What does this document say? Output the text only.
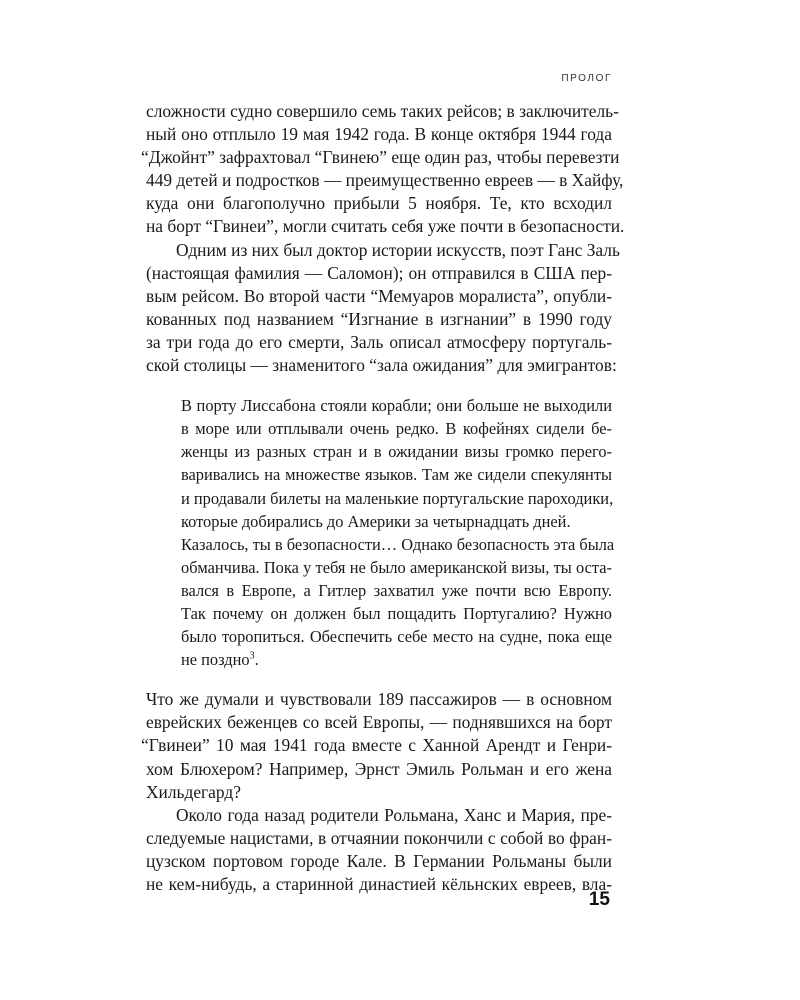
ПРОЛОГ
сложности судно совершило семь таких рейсов; в заключитель-
ный оно отплыло 19 мая 1942 года. В конце октября 1944 года
“Джойнт” зафрахтовал “Гвинею” еще один раз, чтобы перевезти
449 детей и подростков — преимущественно евреев — в Хайфу,
куда они благополучно прибыли 5 ноября. Те, кто всходил
на борт “Гвинеи”, могли считать себя уже почти в безопасности.
Одним из них был доктор истории искусств, поэт Ганс Заль
(настоящая фамилия — Саломон); он отправился в США пер-
вым рейсом. Во второй части “Мемуаров моралиста”, опубли-
кованных под названием “Изгнание в изгнании” в 1990 году
за три года до его смерти, Заль описал атмосферу португаль-
ской столицы — знаменитого “зала ожидания” для эмигрантов:
В порту Лиссабона стояли корабли; они больше не выходили
в море или отплывали очень редко. В кофейнях сидели бе-
женцы из разных стран и в ожидании визы громко перего-
варивались на множестве языков. Там же сидели спекулянты
и продавали билеты на маленькие португальские пароходики,
которые добирались до Америки за четырнадцать дней.
Казалось, ты в безопасности… Однако безопасность эта была
обманчива. Пока у тебя не было американской визы, ты оста-
вался в Европе, а Гитлер захватил уже почти всю Европу.
Так почему он должен был пощадить Португалию? Нужно
было торопиться. Обеспечить себе место на судне, пока еще
не поздно$^3$.
Что же думали и чувствовали 189 пассажиров — в основном
еврейских беженцев со всей Европы, — поднявшихся на борт
“Гвинеи” 10 мая 1941 года вместе с Ханной Арендт и Генри-
хом Блюхером? Например, Эрнст Эмиль Рольман и его жена
Хильдегард?
Около года назад родители Рольмана, Ханс и Мария, пре-
следуемые нацистами, в отчаянии покончили с собой во фран-
цузском портовом городе Кале. В Германии Рольманы были
не кем-нибудь, а старинной династией кёльнских евреев, вла-
15
